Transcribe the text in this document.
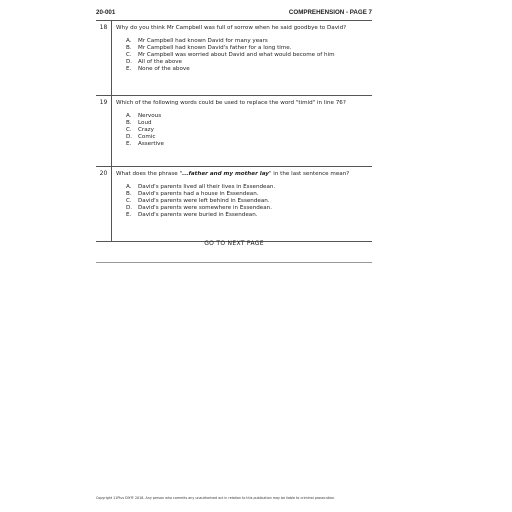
20-001	COMPREHENSION - PAGE 7
18	Why do you think Mr Campbell was full of sorrow when he said goodbye to David?
A. Mr Campbell had known David for many years
B. Mr Campbell had known David's father for a long time.
C. Mr Campbell was worried about David and what would become of him
D. All of the above
E. None of the above
19	Which of the following words could be used to replace the word "timid" in line 76?
A. Nervous
B. Loud
C. Crazy
D. Comic
E. Assertive
20	What does the phrase "...father and my mother lay" in the last sentence mean?
A. David's parents lived all their lives in Essendean.
B. David's parents had a house in Essendean.
C. David's parents were left behind in Essendean.
D. David's parents were somewhere in Essendean.
E. David's parents were buried in Essendean.
GO TO NEXT PAGE
Copyright 11Plus DIY® 2018. Any person who commits any unauthorised act in relation to this publication may be liable to criminal prosecution.
